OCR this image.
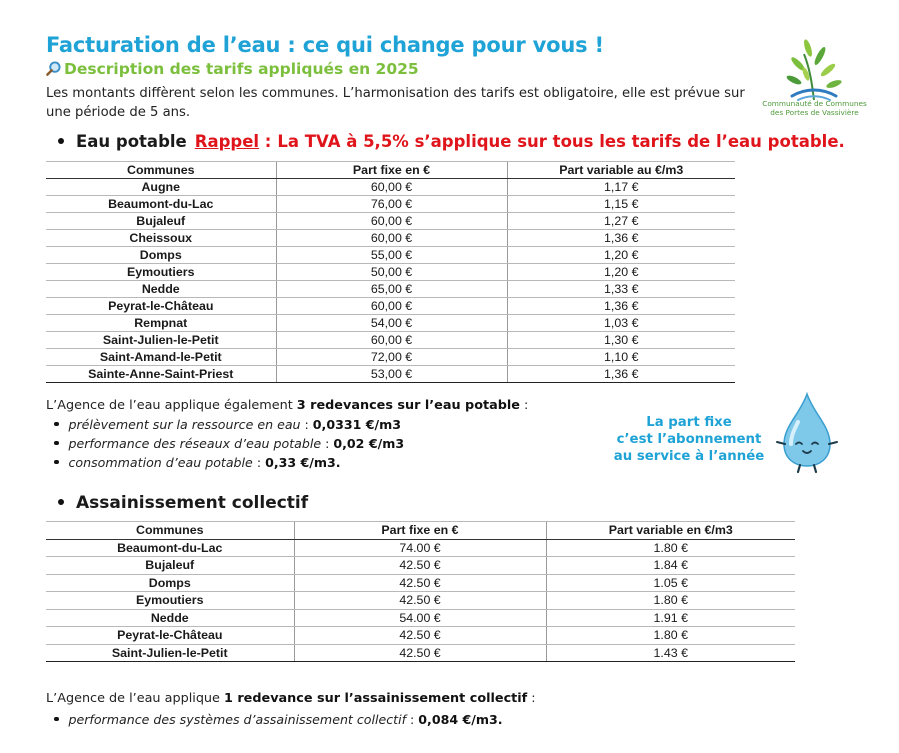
Facturation de l’eau : ce qui change pour vous !
Description des tarifs appliqués en 2025
Les montants diffèrent selon les communes. L’harmonisation des tarifs est obligatoire, elle est prévue sur une période de 5 ans.
Communauté de Communes
des Portes de Vassivière
Eau potable Rappel : La TVA à 5,5% s’applique sur tous les tarifs de l’eau potable.
Communes	Part fixe en €	Part variable au €/m3
Augne	60,00 €	1,17 €
Beaumont-du-Lac	76,00 €	1,15 €
Bujaleuf	60,00 €	1,27 €
Cheissoux	60,00 €	1,36 €
Domps	55,00 €	1,20 €
Eymoutiers	50,00 €	1,20 €
Nedde	65,00 €	1,33 €
Peyrat-le-Château	60,00 €	1,36 €
Rempnat	54,00 €	1,03 €
Saint-Julien-le-Petit	60,00 €	1,30 €
Saint-Amand-le-Petit	72,00 €	1,10 €
Sainte-Anne-Saint-Priest	53,00 €	1,36 €
L’Agence de l’eau applique également 3 redevances sur l’eau potable :
prélèvement sur la ressource en eau : 0,0331 €/m3
performance des réseaux d’eau potable : 0,02 €/m3
consommation d’eau potable : 0,33 €/m3.
La part fixe
c’est l’abonnement
au service à l’année
Assainissement collectif
Communes	Part fixe en €	Part variable en €/m3
Beaumont-du-Lac	74.00 €	1.80 €
Bujaleuf	42.50 €	1.84 €
Domps	42.50 €	1.05 €
Eymoutiers	42.50 €	1.80 €
Nedde	54.00 €	1.91 €
Peyrat-le-Château	42.50 €	1.80 €
Saint-Julien-le-Petit	42.50 €	1.43 €
L’Agence de l’eau applique 1 redevance sur l’assainissement collectif :
performance des systèmes d’assainissement collectif : 0,084 €/m3.
